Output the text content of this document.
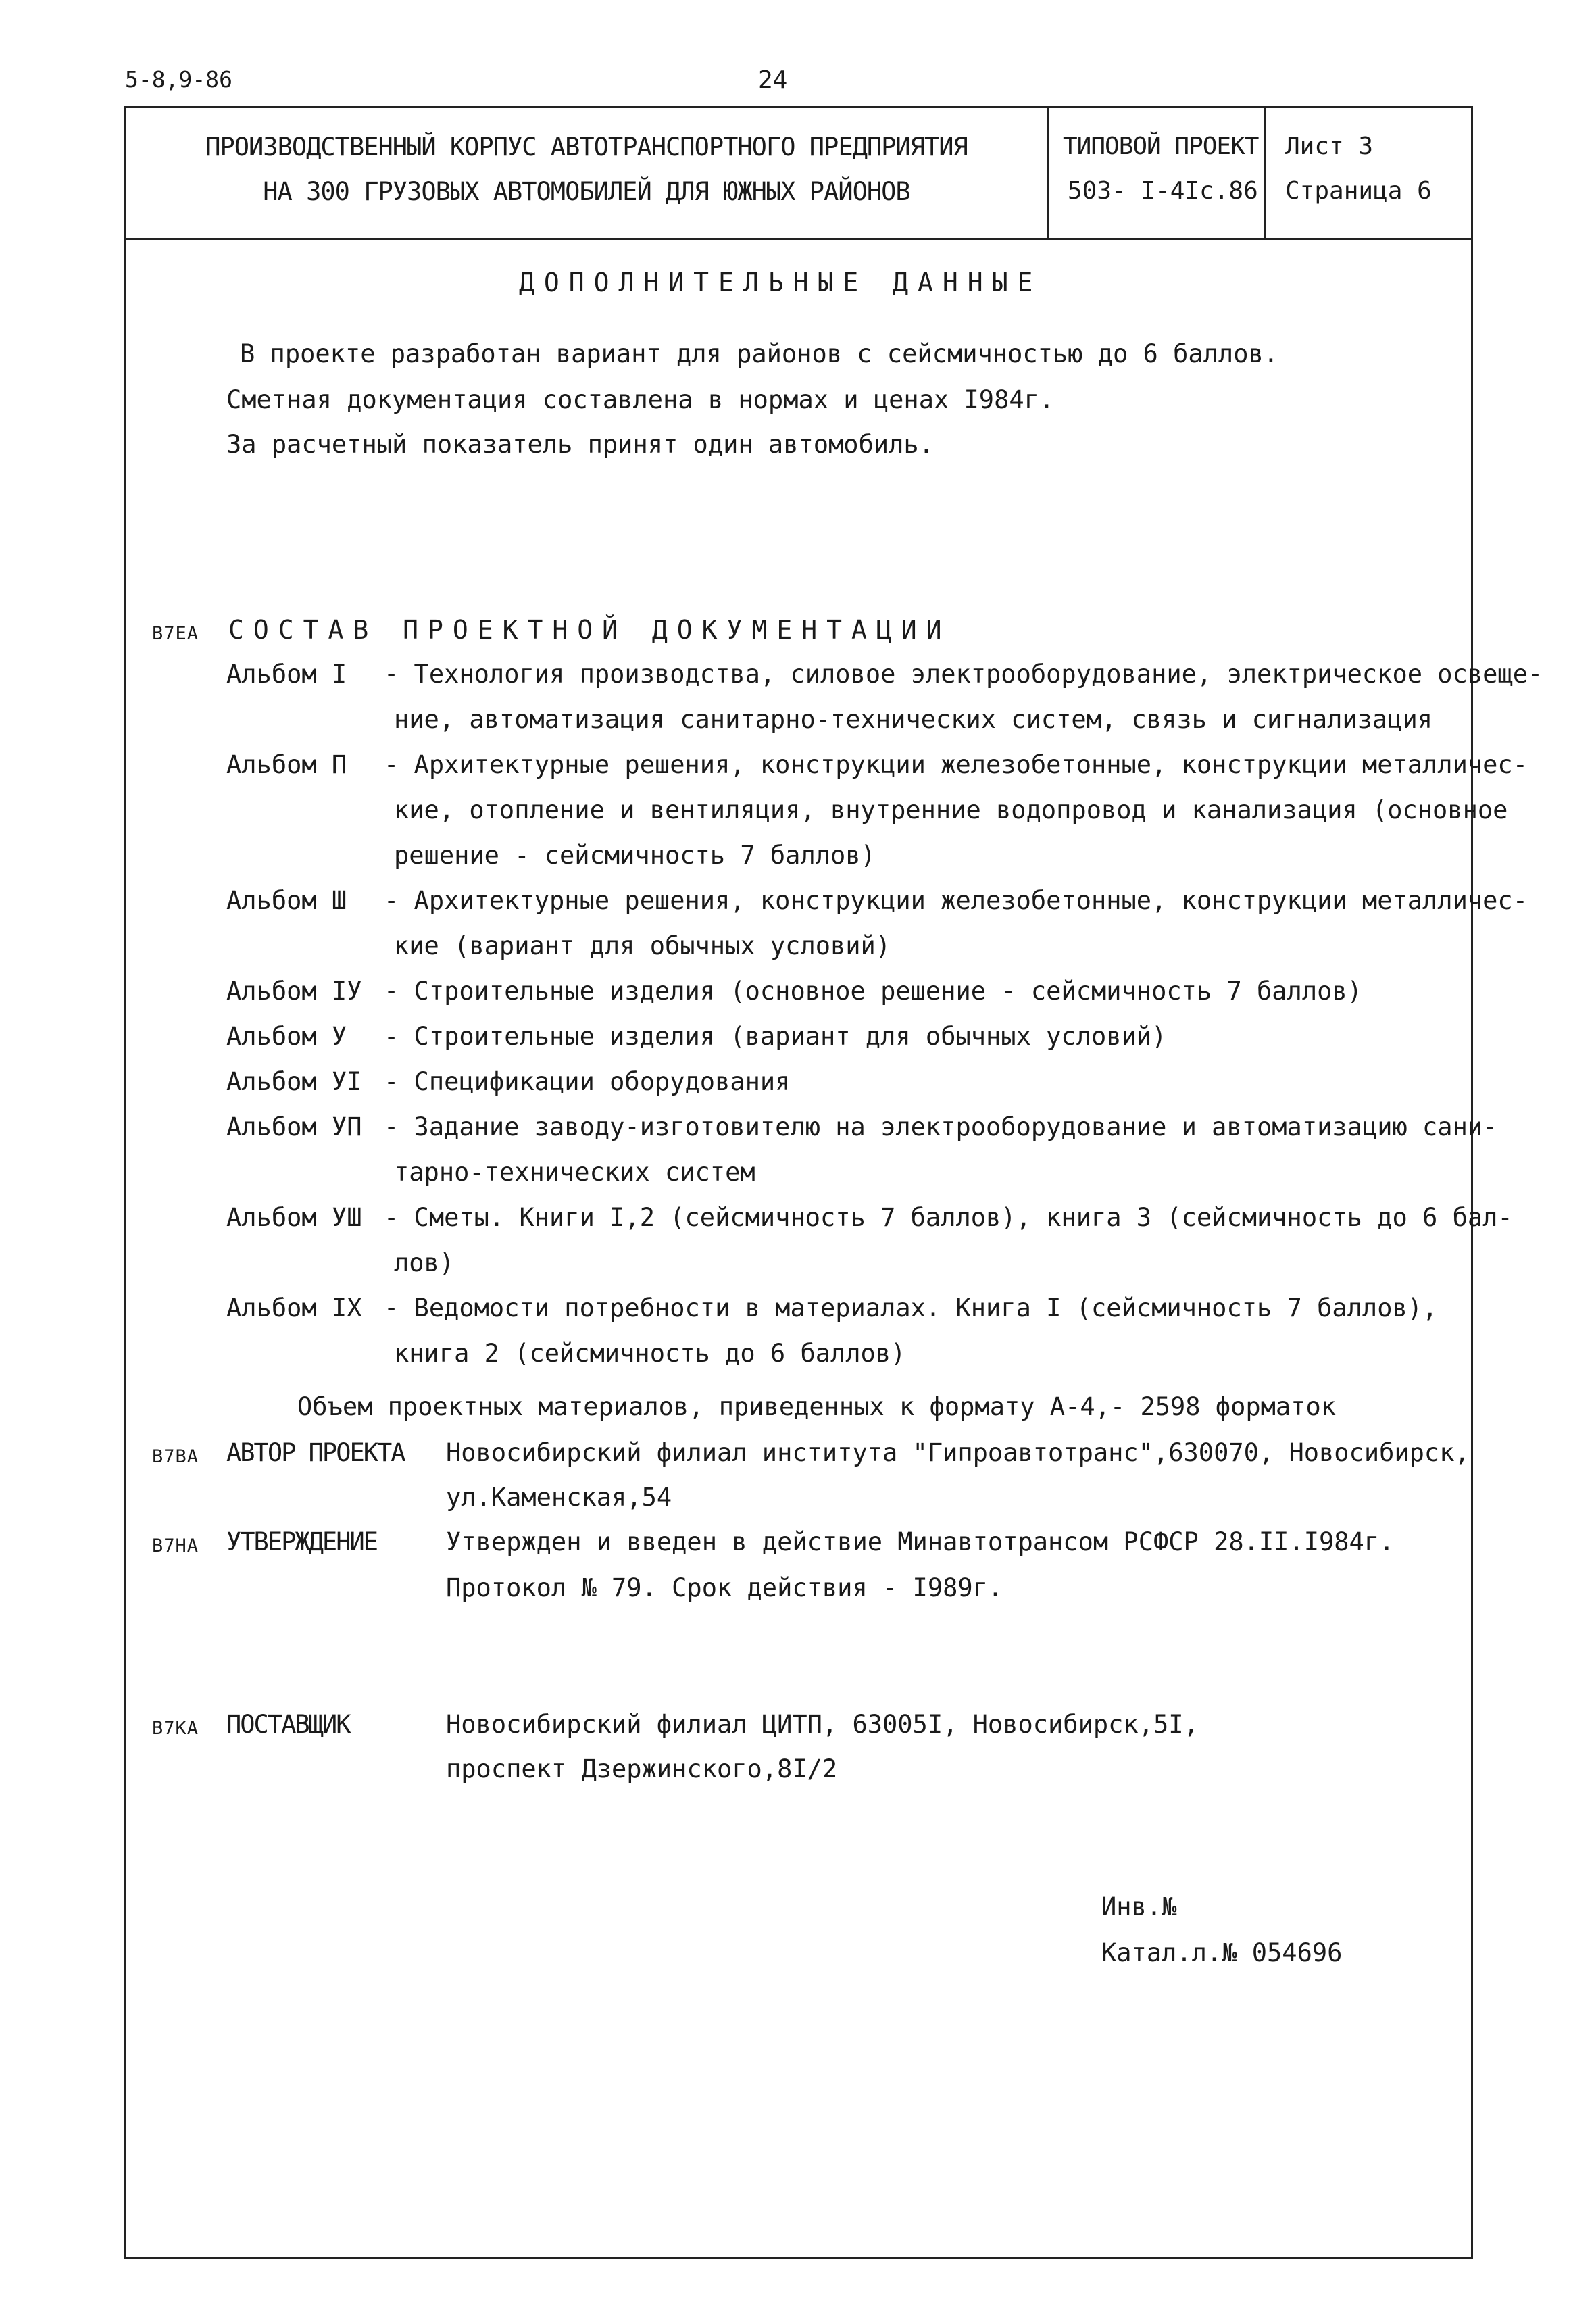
5-8,9-86	24
ПРОИЗВОДСТВЕННЫЙ КОРПУС АВТОТРАНСПОРТНОГО ПРЕДПРИЯТИЯ
НА 300 ГРУЗОВЫХ АВТОМОБИЛЕЙ ДЛЯ ЮЖНЫХ РАЙОНОВ
ТИПОВОЙ ПРОЕКТ
503- I-4Iс.86
Лист 3
Страница 6
ДОПОЛНИТЕЛЬНЫЕ ДАННЫЕ
В проекте разработан вариант для районов с сейсмичностью до 6 баллов.
Сметная документация составлена в нормах и ценах I984г.
За расчетный показатель принят один автомобиль.
В7ЕА СОСТАВ ПРОЕКТНОЙ ДОКУМЕНТАЦИИ
Альбом I - Технология производства, силовое электрооборудование, электрическое освеще-
ние, автоматизация санитарно-технических систем, связь и сигнализация
Альбом П - Архитектурные решения, конструкции железобетонные, конструкции металличес-
кие, отопление и вентиляция, внутренние водопровод и канализация (основное
решение - сейсмичность 7 баллов)
Альбом Ш - Архитектурные решения, конструкции железобетонные, конструкции металличес-
кие (вариант для обычных условий)
Альбом IУ - Строительные изделия (основное решение - сейсмичность 7 баллов)
Альбом У - Строительные изделия (вариант для обычных условий)
Альбом УI - Спецификации оборудования
Альбом УП - Задание заводу-изготовителю на электрооборудование и автоматизацию сани-
тарно-технических систем
Альбом УШ - Сметы. Книги I,2 (сейсмичность 7 баллов), книга 3 (сейсмичность до 6 бал-
лов)
Альбом IХ - Ведомости потребности в материалах. Книга I (сейсмичность 7 баллов),
книга 2 (сейсмичность до 6 баллов)
Объем проектных материалов, приведенных к формату А-4,- 2598 форматок
В7ВА АВТОР ПРОЕКТА Новосибирский филиал института "Гипроавтотранс",630070, Новосибирск,
ул.Каменская,54
В7НА УТВЕРЖДЕНИЕ	Утвержден и введен в действие Минавтотрансом РСФСР 28.II.I984г.
Протокол № 79. Срок действия - I989г.
В7КА ПОСТАВЩИК	Новосибирский филиал ЦИТП, 63005I, Новосибирск,5I,
проспект Дзержинского,8I/2
Инв.№
Катал.л.№ 054696
